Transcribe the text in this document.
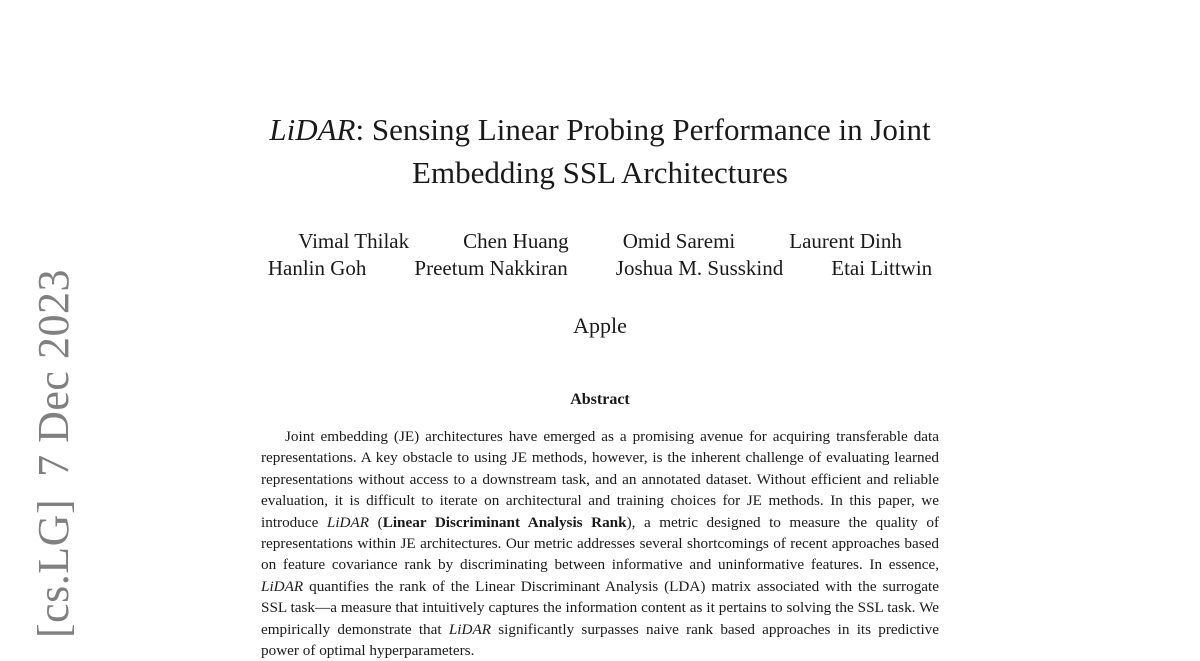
[cs.LG]7 Dec 2023
LiDAR: Sensing Linear Probing Performance in Joint Embedding SSL Architectures
Vimal Thilak	Chen Huang	Omid Saremi	Laurent Dinh
Hanlin Goh Preetum Nakkiran Joshua M. Susskind Etai Littwin
Apple
Abstract

Joint embedding (JE) architectures have emerged as a promising avenue for acquiring transferable data representations. A key obstacle to using JE methods, however, is the inherent challenge of evaluating learned representations without access to a downstream task, and an annotated dataset. Without efficient and reliable evaluation, it is difficult to iterate on architectural and training choices for JE methods. In this paper, we introduce LiDAR (Linear Discriminant Analysis Rank), a metric designed to measure the quality of representations within JE architectures. Our metric addresses several shortcomings of recent approaches based on feature covariance rank by discriminating between informative and uninformative features. In essence, LiDAR quantifies the rank of the Linear Discriminant Analysis (LDA) matrix associated with the surrogate SSL task—a measure that intuitively captures the information content as it pertains to solving the SSL task. We empirically demonstrate that LiDAR significantly surpasses naive rank based approaches in its predictive power of optimal hyperparameters.
